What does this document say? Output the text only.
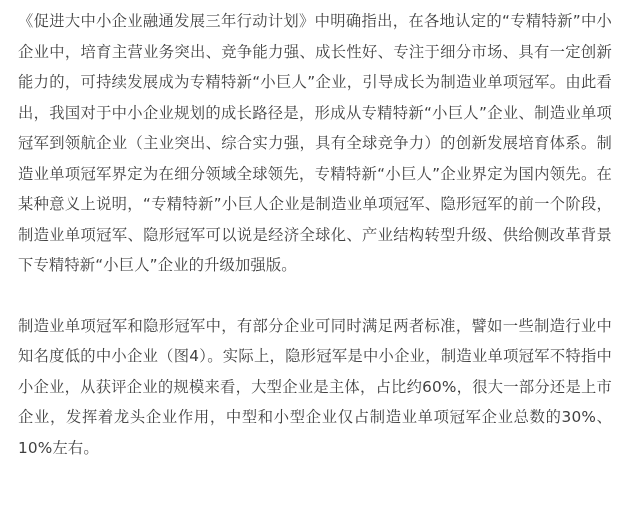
《促进大中小企业融通发展三年行动计划》中明确指出，在各地认定的“专精特新”中小企业中，培育主营业务突出、竞争能力强、成长性好、专注于细分市场、具有一定创新能力的，可持续发展成为专精特新“小巨人”企业，引导成长为制造业单项冠军。由此看出，我国对于中小企业规划的成长路径是，形成从专精特新“小巨人”企业、制造业单项冠军到领航企业（主业突出、综合实力强，具有全球竞争力）的创新发展培育体系。制造业单项冠军界定为在细分领域全球领先，专精特新“小巨人”企业界定为国内领先。在某种意义上说明，“专精特新”小巨人企业是制造业单项冠军、隐形冠军的前一个阶段，制造业单项冠军、隐形冠军可以说是经济全球化、产业结构转型升级、供给侧改革背景下专精特新“小巨人”企业的升级加强版。

制造业单项冠军和隐形冠军中，有部分企业可同时满足两者标准，譬如一些制造行业中知名度低的中小企业（图4）。实际上，隐形冠军是中小企业，制造业单项冠军不特指中小企业，从获评企业的规模来看，大型企业是主体，占比约60%，很大一部分还是上市企业，发挥着龙头企业作用，中型和小型企业仅占制造业单项冠军企业总数的30%、10%左右。
